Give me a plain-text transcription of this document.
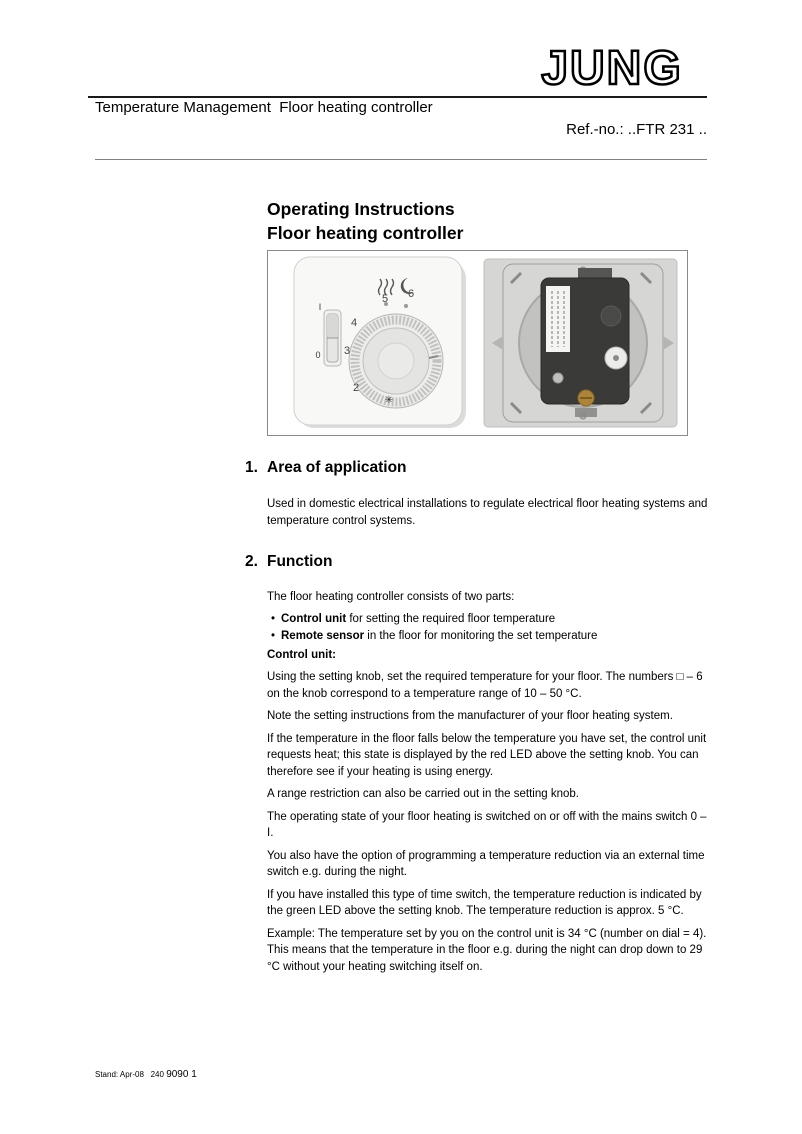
JUNG
Temperature Management  Floor heating controller
Ref.-no.: ..FTR 231 ..
Operating Instructions
Floor heating controller
I
0
2
3
4
5 6
✳
1. Area of application

Used in domestic electrical installations to regulate electrical floor heating systems and temperature control systems.

2. Function

The floor heating controller consists of two parts:

• Control unit for setting the required floor temperature
• Remote sensor in the floor for monitoring the set temperature

Control unit:

Using the setting knob, set the required temperature for your floor. The numbers □ – 6 on the knob correspond to a temperature range of 10 – 50 °C.

Note the setting instructions from the manufacturer of your floor heating system.

If the temperature in the floor falls below the temperature you have set, the control unit requests heat; this state is displayed by the red LED above the setting knob. You can therefore see if your heating is using energy.

A range restriction can also be carried out in the setting knob.

The operating state of your floor heating is switched on or off with the mains switch 0 – I.

You also have the option of programming a temperature reduction via an external time switch e.g. during the night.

If you have installed this type of time switch, the temperature reduction is indicated by the green LED above the setting knob. The temperature reduction is approx. 5 °C.

Example: The temperature set by you on the control unit is 34 °C (number on dial = 4). This means that the temperature in the floor e.g. during the night can drop down to 29 °C without your heating switching itself on.

Stand: Apr-08 240 9090 1
